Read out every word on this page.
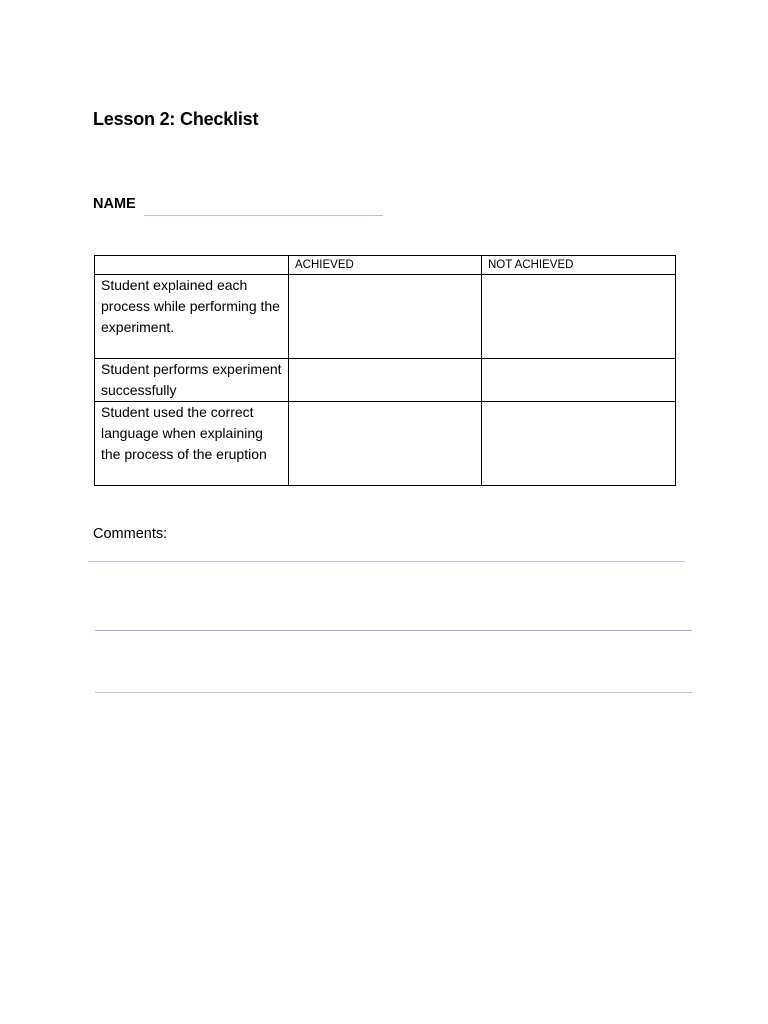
Lesson 2: Checklist
NAME
	ACHIEVED	NOT ACHIEVED
Student explained each process while performing the experiment.		
Student performs experiment successfully		
Student used the correct language when explaining the process of the eruption		

Comments:
